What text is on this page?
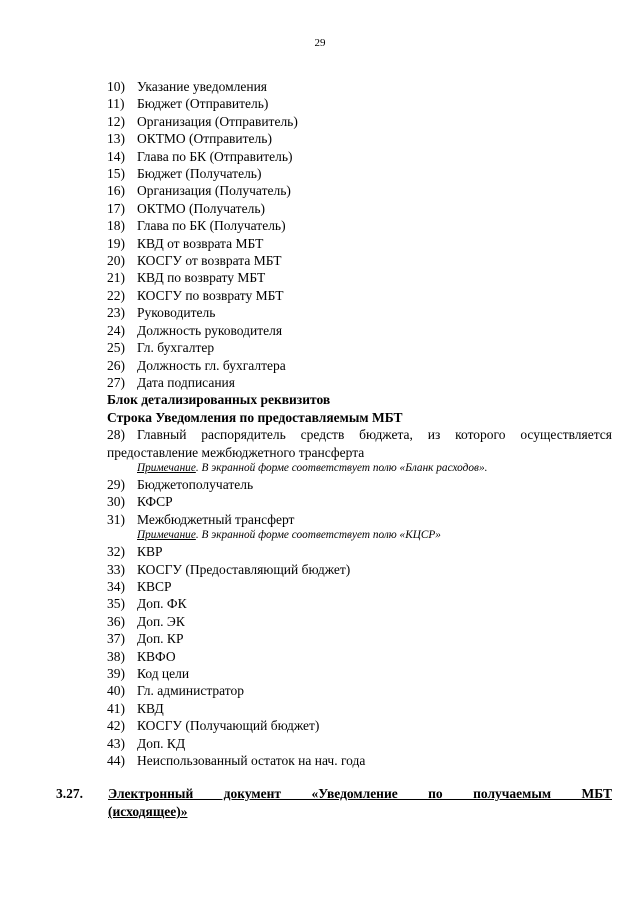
29
10) Указание уведомления
11) Бюджет (Отправитель)
12) Организация (Отправитель)
13) ОКТМО (Отправитель)
14) Глава по БК (Отправитель)
15) Бюджет (Получатель)
16) Организация (Получатель)
17) ОКТМО (Получатель)
18) Глава по БК (Получатель)
19) КВД от возврата МБТ
20) КОСГУ от возврата МБТ
21) КВД по возврату МБТ
22) КОСГУ по возврату МБТ
23) Руководитель
24) Должность руководителя
25) Гл. бухгалтер
26) Должность гл. бухгалтера
27) Дата подписания
Блок детализированных реквизитов
Строка Уведомления по предоставляемым МБТ
28) Главный распорядитель средств бюджета, из которого осуществляется
предоставление межбюджетного трансферта
Примечание. В экранной форме соответствует полю «Бланк расходов».
29) Бюджетополучатель
30) КФСР
31) Межбюджетный трансферт
Примечание. В экранной форме соответствует полю «КЦСР»
32) КВР
33) КОСГУ (Предоставляющий бюджет)
34) КВСР
35) Доп. ФК
36) Доп. ЭК
37) Доп. КР
38) КВФО
39) Код цели
40) Гл. администратор
41) КВД
42) КОСГУ (Получающий бюджет)
43) Доп. КД
44) Неиспользованный остаток на нач. года
3.27. Электронный документ «Уведомление по получаемым МБТ
(исходящее)»
